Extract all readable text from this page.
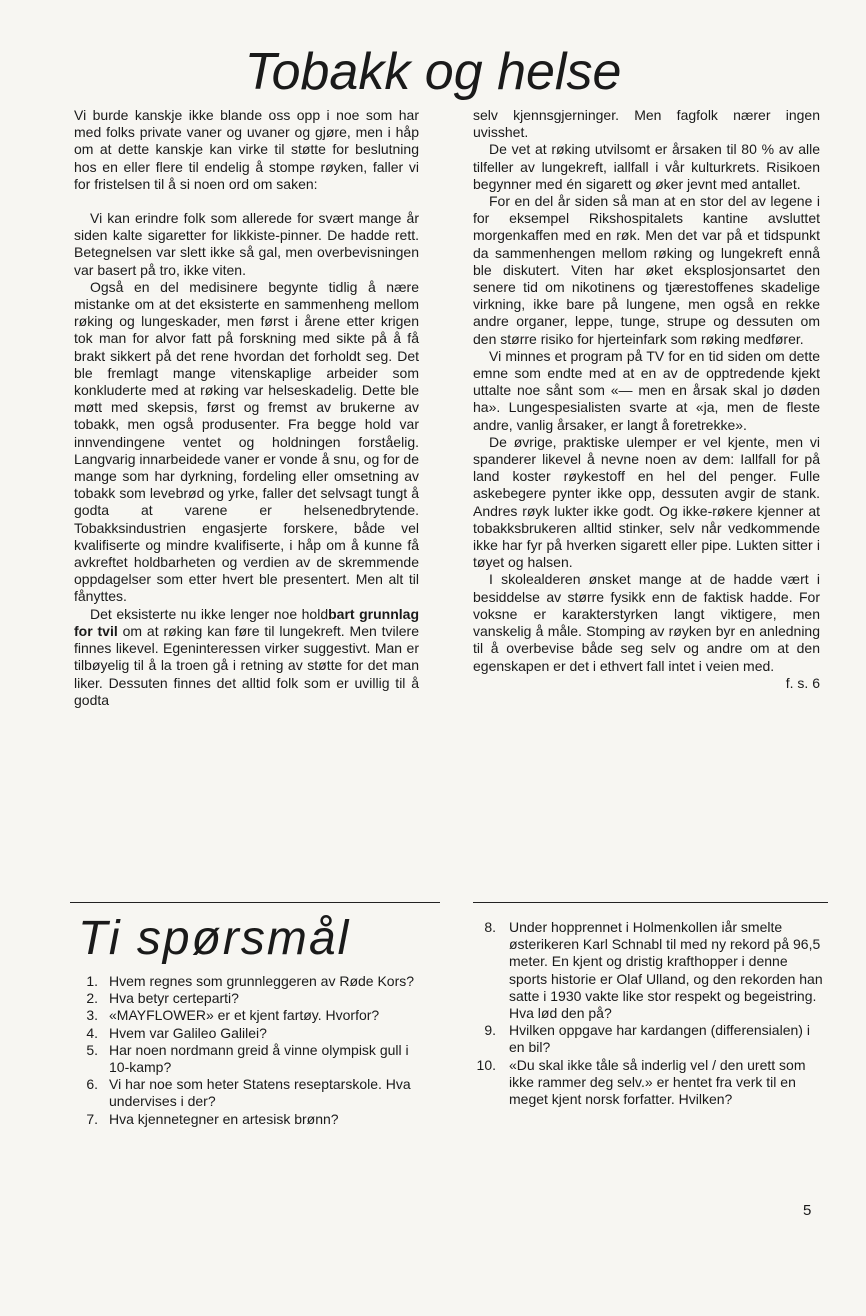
Tobakk og helse

Vi burde kanskje ikke blande oss opp i noe som har med folks private vaner og uvaner og gjøre, men i håp om at dette kanskje kan virke til støtte for beslutning hos en eller flere til endelig å stompe røyken, faller vi for fristelsen til å si noen ord om saken:

Vi kan erindre folk som allerede for svært mange år siden kalte sigaretter for likkiste-pinner. De hadde rett. Betegnelsen var slett ikke så gal, men overbevisningen var basert på tro, ikke viten.

Også en del medisinere begynte tidlig å nære mistanke om at det eksisterte en sammenheng mellom røking og lungeskader, men først i årene etter krigen tok man for alvor fatt på forskning med sikte på å få brakt sikkert på det rene hvordan det forholdt seg. Det ble fremlagt mange vitenskaplige arbeider som konkluderte med at røking var helseskadelig. Dette ble møtt med skepsis, først og fremst av brukerne av tobakk, men også produsenter. Fra begge hold var innvendingene ventet og holdningen forståelig. Langvarig innarbeidede vaner er vonde å snu, og for de mange som har dyrkning, fordeling eller omsetning av tobakk som levebrød og yrke, faller det selvsagt tungt å godta at varene er helsenedbrytende. Tobakksindustrien engasjerte forskere, både vel kvalifiserte og mindre kvalifiserte, i håp om å kunne få avkreftet holdbarheten og verdien av de skremmende oppdagelser som etter hvert ble presentert. Men alt til fånyttes.

Det eksisterte nu ikke lenger noe holdbart grunnlag for tvil om at røking kan føre til lungekreft. Men tvilere finnes likevel. Egeninteressen virker suggestivt. Man er tilbøyelig til å la troen gå i retning av støtte for det man liker. Dessuten finnes det alltid folk som er uvillig til å godta

selv kjennsgjerninger. Men fagfolk nærer ingen uvisshet.

De vet at røking utvilsomt er årsaken til 80 % av alle tilfeller av lungekreft, iallfall i vår kulturkrets. Risikoen begynner med én sigarett og øker jevnt med antallet.

For en del år siden så man at en stor del av legene i for eksempel Rikshospitalets kantine avsluttet morgenkaffen med en røk. Men det var på et tidspunkt da sammenhengen mellom røking og lungekreft ennå ble diskutert. Viten har øket eksplosjonsartet den senere tid om nikotinens og tjærestoffenes skadelige virkning, ikke bare på lungene, men også en rekke andre organer, leppe, tunge, strupe og dessuten om den større risiko for hjerteinfark som røking medfører.

Vi minnes et program på TV for en tid siden om dette emne som endte med at en av de opptredende kjekt uttalte noe sånt som «— men en årsak skal jo døden ha». Lungespesialisten svarte at «ja, men de fleste andre, vanlig årsaker, er langt å foretrekke».

De øvrige, praktiske ulemper er vel kjente, men vi spanderer likevel å nevne noen av dem: Iallfall for på land koster røykestoff en hel del penger. Fulle askebegere pynter ikke opp, dessuten avgir de stank. Andres røyk lukter ikke godt. Og ikke-røkere kjenner at tobakksbrukeren alltid stinker, selv når vedkommende ikke har fyr på hverken sigarett eller pipe. Lukten sitter i tøyet og halsen.

I skolealderen ønsket mange at de hadde vært i besiddelse av større fysikk enn de faktisk hadde. For voksne er karakterstyrken langt viktigere, men vanskelig å måle. Stomping av røyken byr en anledning til å overbevise både seg selv og andre om at den egenskapen er det i ethvert fall intet i veien med.
f. s. 6

Ti spørsmål
1. Hvem regnes som grunnleggeren av Røde Kors?
2. Hva betyr certeparti?
3. «MAYFLOWER» er et kjent fartøy. Hvorfor?
4. Hvem var Galileo Galilei?
5. Har noen nordmann greid å vinne olympisk gull i 10-kamp?
6. Vi har noe som heter Statens reseptarskole. Hva undervises i der?
7. Hva kjennetegner en artesisk brønn?
8. Under hopprennet i Holmenkollen iår smelte østerikeren Karl Schnabl til med ny rekord på 96,5 meter. En kjent og dristig krafthopper i denne sports historie er Olaf Ulland, og den rekorden han satte i 1930 vakte like stor respekt og begeistring. Hva lød den på?
9. Hvilken oppgave har kardangen (differensialen) i en bil?
10. «Du skal ikke tåle så inderlig vel / den urett som ikke rammer deg selv.» er hentet fra verk til en meget kjent norsk forfatter. Hvilken?
5
